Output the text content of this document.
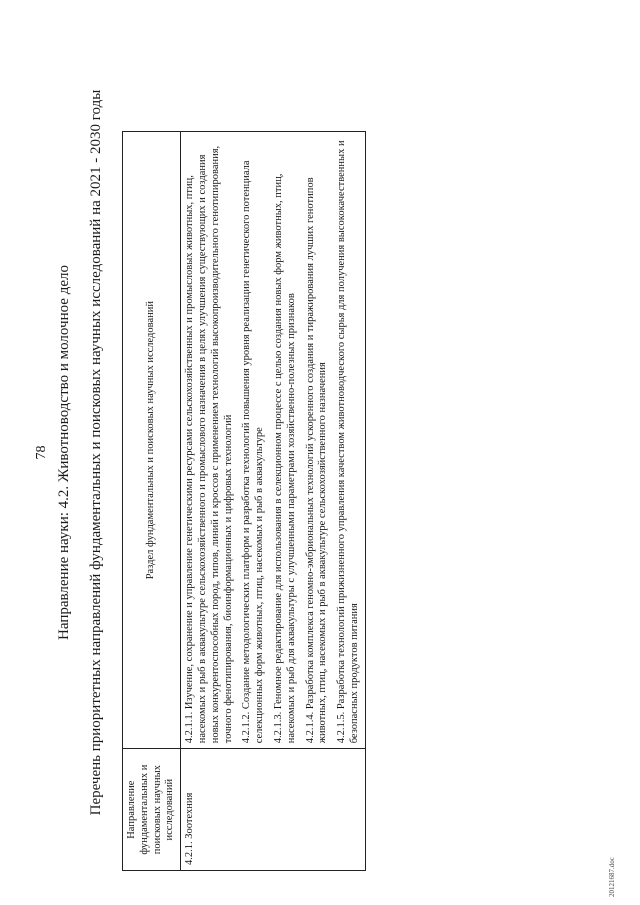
78 Направление науки: 4.2. Животноводство и молочное дело Перечень приоритетных направлений фундаментальных и поисковых научных исследований на 2021 - 2030 годы Направление фундаментальных и поисковых научных исследований	Раздел фундаментальных и поисковых научных исследований
4.2.1. Зоотехния	4.2.1.1. Изучение, сохранение и управление генетическими ресурсами сельскохозяйственных и промысловых животных, птиц, насекомых и рыб в аквакультуре сельскохозяйственного и промыслового назначения в целях улучшения существующих и создания новых конкурентоспособных пород, типов, линий и кроссов с применением технологий высокопроизводительного генотипирования, точного фенотипирования, биоинформационных и цифровых технологий 4.2.1.2. Создание методологических платформ и разработка технологий повышения уровня реализации генетического потенциала селекционных форм животных, птиц, насекомых и рыб в аквакультуре 4.2.1.3. Геномное редактирование для использования в селекционном процессе с целью создания новых форм животных, птиц, насекомых и рыб для аквакультуры с улучшенными параметрами хозяйственно-полезных признаков 4.2.1.4. Разработка комплекса геномно-эмбриональных технологий ускоренного создания и тиражирования лучших генотипов животных, птиц, насекомых и рыб в аквакультуре сельскохозяйственного назначения 4.2.1.5. Разработка технологий прижизненного управления качеством животноводческого сырья для получения высококачественных и безопасных продуктов питания

20121687.doc
